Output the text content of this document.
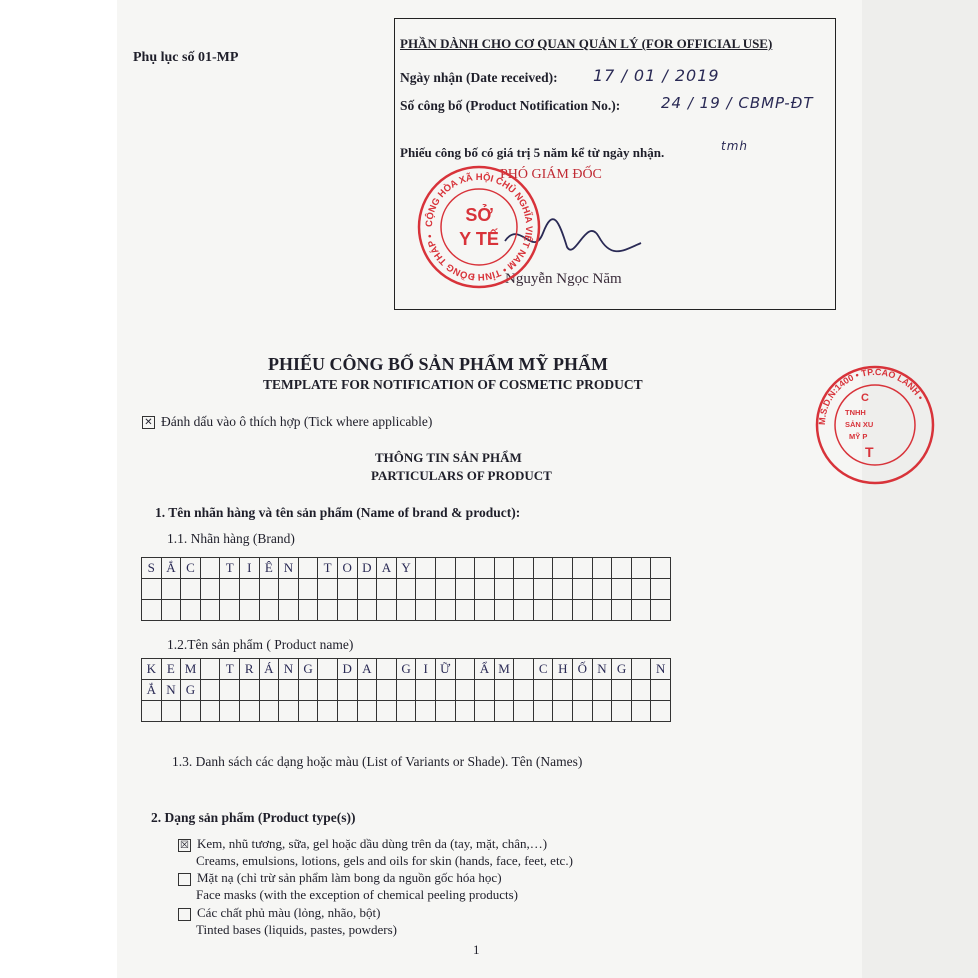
Phụ lục số 01-MP
PHẦN DÀNH CHO CƠ QUAN QUẢN LÝ (FOR OFFICIAL USE)
Ngày nhận (Date received): 17 / 01 / 2019
Số công bố (Product Notification No.):	24 / 19 / CBMP-ĐT
Phiếu công bố có giá trị 5 năm kể từ ngày nhận.	tmh
PHÓ GIÁM ĐỐC
Nguyễn Ngọc Năm
CỘNG HÒA XÃ HỘI CHỦ NGHĨA VIỆT NAM • TỈNH ĐỒNG THÁP •
SỞ
Y TẾ
M.S.D.N:1400 • TP.CAO LÃNH •
C
TNHH
SẢN XU
MỸ P
T
PHIẾU CÔNG BỐ SẢN PHẨM MỸ PHẨM
TEMPLATE FOR NOTIFICATION OF COSMETIC PRODUCT
✕ Đánh dấu vào ô thích hợp (Tick where applicable)
THÔNG TIN SẢN PHẨM
PARTICULARS OF PRODUCT
1. Tên nhãn hàng và tên sản phẩm (Name of brand & product):
1.1. Nhãn hàng (Brand)
S	Ắ	C		T	I	Ê	N		T	O	D	A	Y													

1.2.Tên sản phẩm ( Product name)
K	E	M		T	R	Á	N	G		D	A		G	I	Ữ		Ẩ	M		C	H	Ố	N	G		N
Ắ	N	G																								

1.3. Danh sách các dạng hoặc màu (List of Variants or Shade). Tên (Names)
2. Dạng sản phẩm (Product type(s))
☒ Kem, nhũ tương, sữa, gel hoặc dầu dùng trên da (tay, mặt, chân,…)
Creams, emulsions, lotions, gels and oils for skin (hands, face, feet, etc.)
Mặt nạ (chỉ trừ sản phẩm làm bong da nguồn gốc hóa học)
Face masks (with the exception of chemical peeling products)
Các chất phủ màu (lỏng, nhão, bột)
Tinted bases (liquids, pastes, powders)
1
